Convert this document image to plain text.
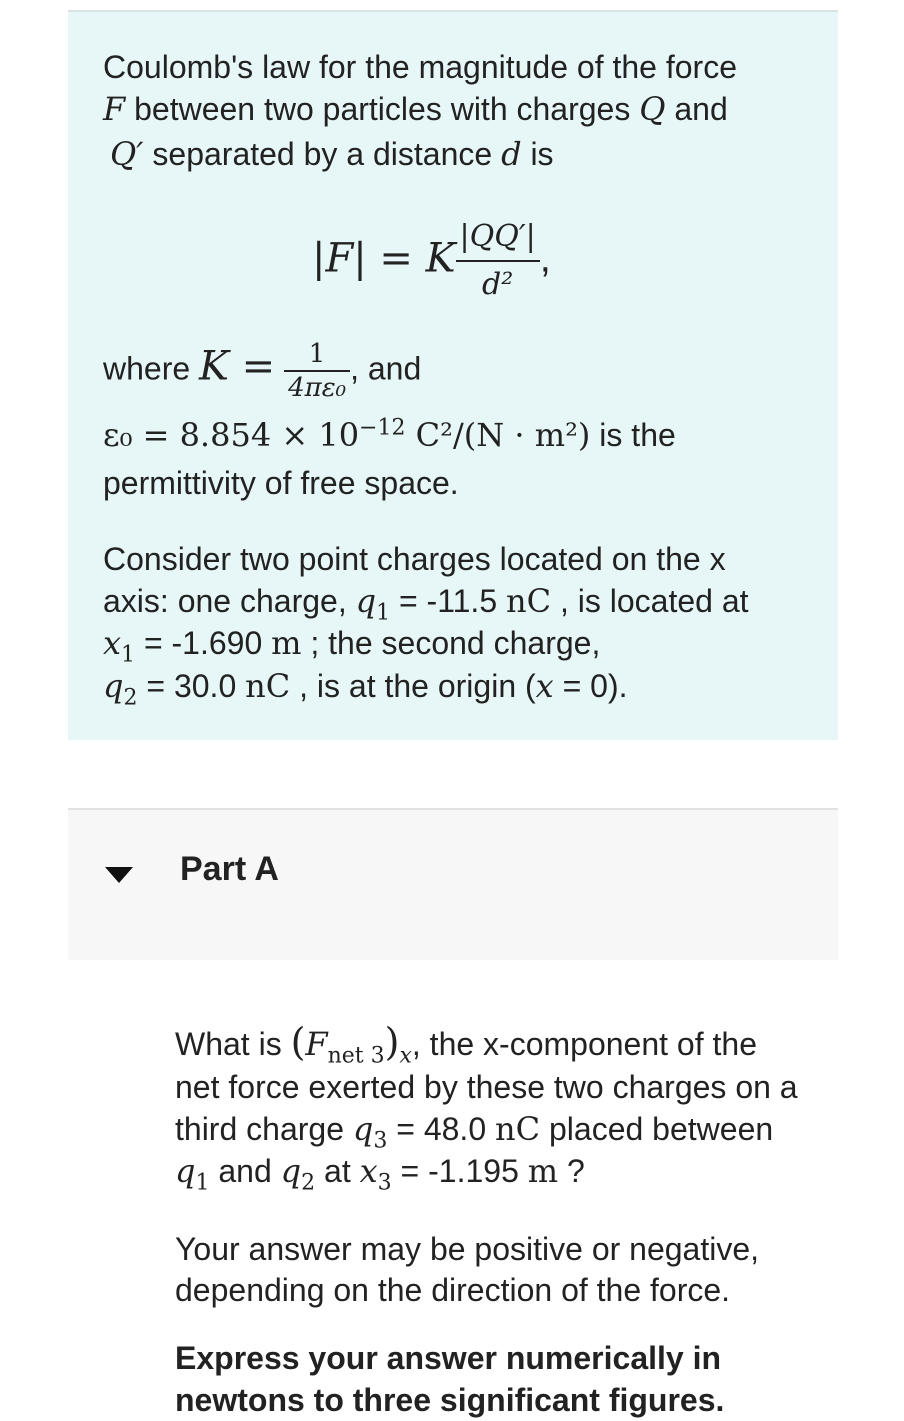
Coulomb's law for the magnitude of the force

F between two particles with charges Q and

Q′ separated by a distance d is

|F| = K $\frac{|QQ'|}{\text{d²}}$ ,
where $K = \frac{1}{\text{4πε₀}}$ , and

$\varepsilon_0 = 8.854 \times 10^{-12}$ C²/(N · m²) is the

permittivity of free space.

Consider two point charges located on the x

axis: one charge, $q_1 = -11.5$ nC , is located at

$x_1 = -1.690$ m ; the second charge,

$q_2 = 30.0$ nC , is at the origin (x = 0).

Part A

What is $(F_{net 3})_x$, the x-component of the

net force exerted by these two charges on a

third charge $q_3 = 48.0$ nC placed between

$q_1$ and $q_2$ at $x_3 = -1.195$ m ?

Your answer may be positive or negative,

depending on the direction of the force.

Express your answer numerically in

newtons to three significant figures.
